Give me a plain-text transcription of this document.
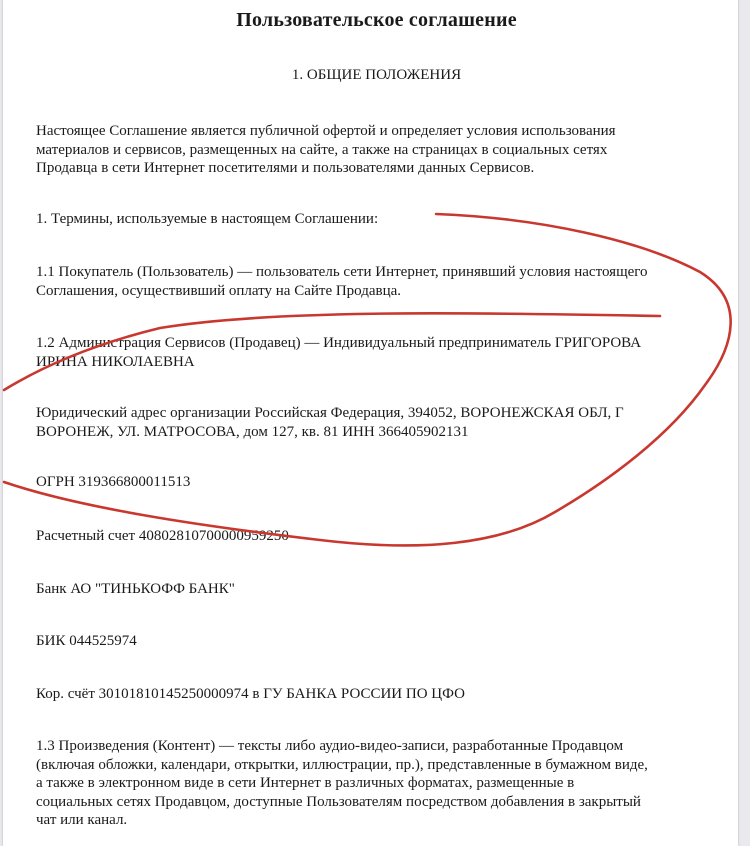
Пользовательское соглашение

1. ОБЩИЕ ПОЛОЖЕНИЯ

Настоящее Соглашение является публичной офертой и определяет условия использования
материалов и сервисов, размещенных на сайте, а также на страницах в социальных сетях
Продавца в сети Интернет посетителями и пользователями данных Сервисов.

1. Термины, используемые в настоящем Соглашении:

1.1 Покупатель (Пользователь) — пользователь сети Интернет, принявший условия настоящего
Соглашения, осуществивший оплату на Сайте Продавца.

1.2 Администрация Сервисов (Продавец) — Индивидуальный предприниматель ГРИГОРОВА
ИРИНА НИКОЛАЕВНА

Юридический адрес организации Российская Федерация, 394052, ВОРОНЕЖСКАЯ ОБЛ, Г
ВОРОНЕЖ, УЛ. МАТРОСОВА, дом 127, кв. 81 ИНН 366405902131

ОГРН 319366800011513

Расчетный счет 40802810700000959250

Банк АО "ТИНЬКОФФ БАНК"

БИК 044525974

Кор. счёт 30101810145250000974 в ГУ БАНКА РОССИИ ПО ЦФО

1.3 Произведения (Контент) — тексты либо аудио-видео-записи, разработанные Продавцом
(включая обложки, календари, открытки, иллюстрации, пр.), представленные в бумажном виде,
а также в электронном виде в сети Интернет в различных форматах, размещенные в
социальных сетях Продавцом, доступные Пользователям посредством добавления в закрытый
чат или канал.
